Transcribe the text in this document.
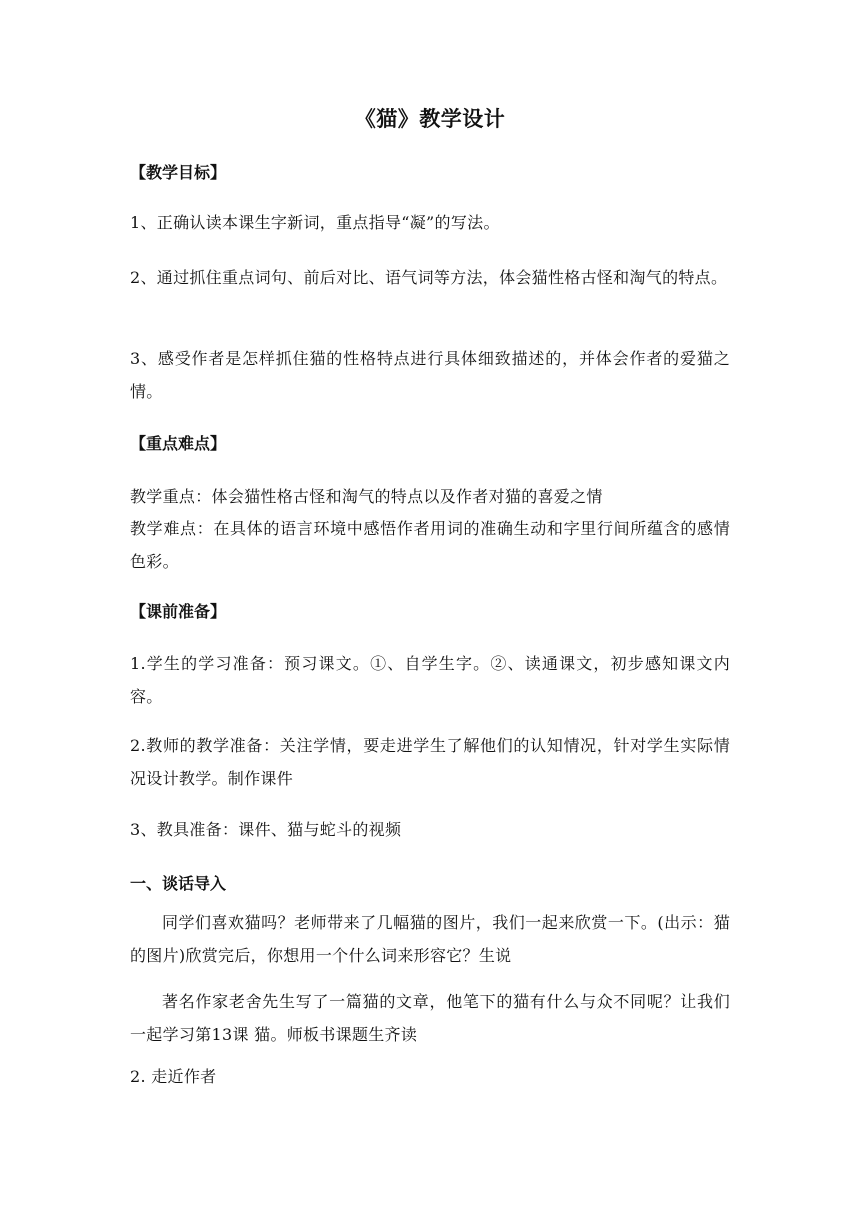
《猫》教学设计
【教学目标】
1、正确认读本课生字新词，重点指导“凝”的写法。
2、通过抓住重点词句、前后对比、语气词等方法，体会猫性格古怪和淘气的特点。
3、感受作者是怎样抓住猫的性格特点进行具体细致描述的，并体会作者的爱猫之情。
【重点难点】
教学重点：体会猫性格古怪和淘气的特点以及作者对猫的喜爱之情
教学难点：在具体的语言环境中感悟作者用词的准确生动和字里行间所蕴含的感情色彩。
【课前准备】
1.学生的学习准备：预习课文。①、自学生字。②、读通课文，初步感知课文内容。
2.教师的教学准备：关注学情，要走进学生了解他们的认知情况，针对学生实际情况设计教学。制作课件
3、教具准备：课件、猫与蛇斗的视频
一、谈话导入
同学们喜欢猫吗？老师带来了几幅猫的图片，我们一起来欣赏一下。(出示：猫的图片)欣赏完后，你想用一个什么词来形容它？生说
著名作家老舍先生写了一篇猫的文章，他笔下的猫有什么与众不同呢？让我们一起学习第13课 猫。师板书课题生齐读
2. 走近作者
